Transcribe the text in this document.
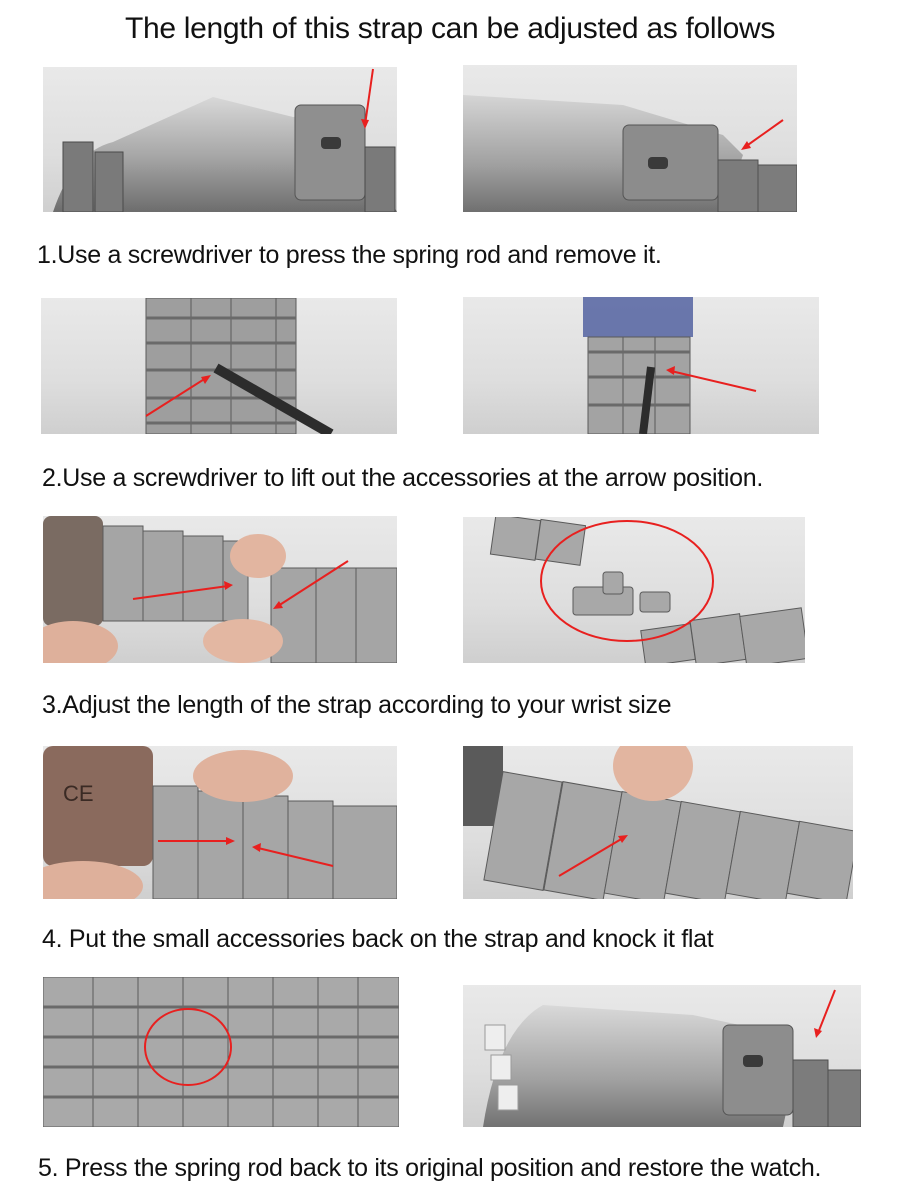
The length of this strap can be adjusted as follows
1.Use a screwdriver to press the spring rod and remove it.
2.Use a screwdriver to lift out the accessories at the arrow position.
3.Adjust the length of the strap according to your wrist size
CE
4. Put the small accessories back on the strap and knock it flat
5. Press the spring rod back to its original position and restore the watch.
